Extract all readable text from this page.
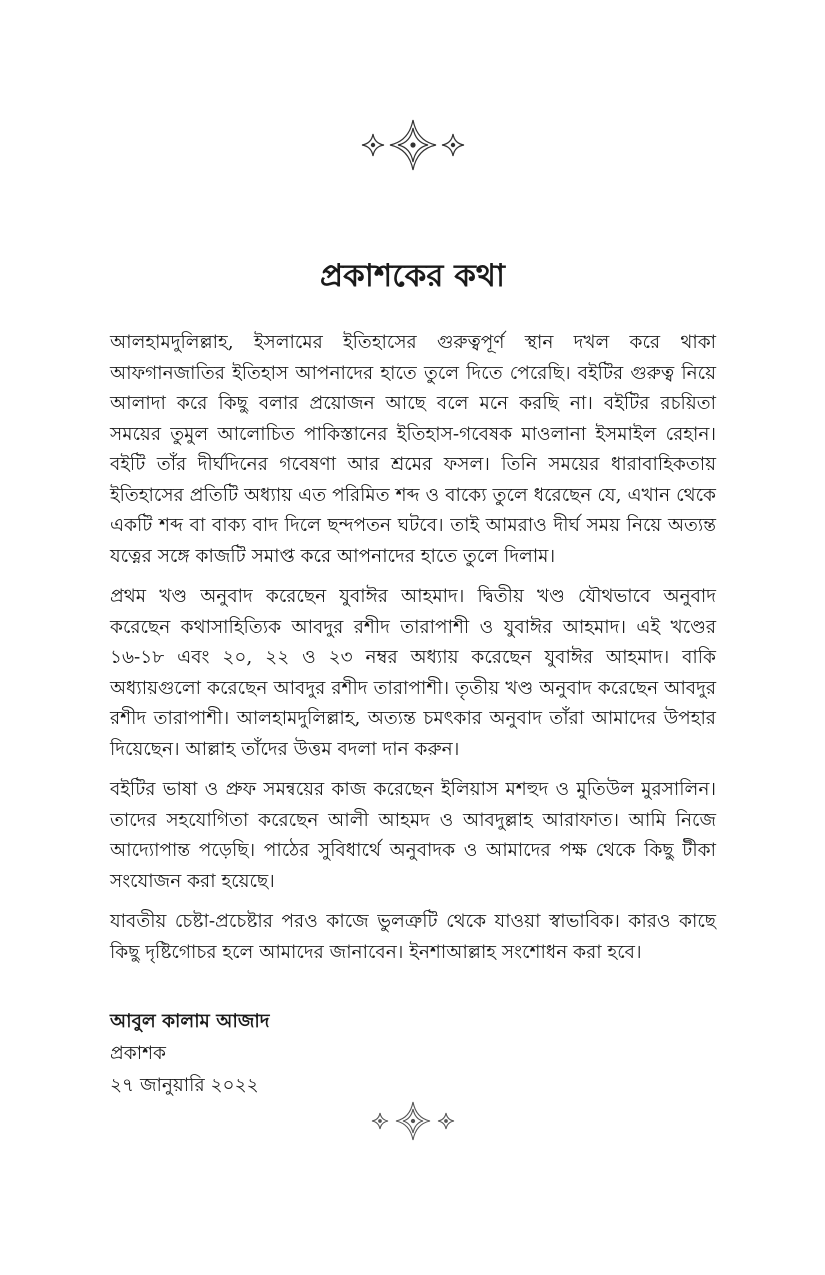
প্রকাশকের কথা

আলহামদুলিল্লাহ, ইসলামের ইতিহাসের গুরুত্বপূর্ণ স্থান দখল করে থাকা আফগানজাতির ইতিহাস আপনাদের হাতে তুলে দিতে পেরেছি। বইটির গুরুত্ব নিয়ে আলাদা করে কিছু বলার প্রয়োজন আছে বলে মনে করছি না। বইটির রচয়িতা সময়ের তুমুল আলোচিত পাকিস্তানের ইতিহাস-গবেষক মাওলানা ইসমাইল রেহান। বইটি তাঁর দীর্ঘদিনের গবেষণা আর শ্রমের ফসল। তিনি সময়ের ধারাবাহিকতায় ইতিহাসের প্রতিটি অধ্যায় এত পরিমিত শব্দ ও বাক্যে তুলে ধরেছেন যে, এখান থেকে একটি শব্দ বা বাক্য বাদ দিলে ছন্দপতন ঘটবে। তাই আমরাও দীর্ঘ সময় নিয়ে অত্যন্ত যত্নের সঙ্গে কাজটি সমাপ্ত করে আপনাদের হাতে তুলে দিলাম।

প্রথম খণ্ড অনুবাদ করেছেন যুবাঈর আহমাদ। দ্বিতীয় খণ্ড যৌথভাবে অনুবাদ করেছেন কথাসাহিত্যিক আবদুর রশীদ তারাপাশী ও যুবাঈর আহমাদ। এই খণ্ডের ১৬-১৮ এবং ২০, ২২ ও ২৩ নম্বর অধ্যায় করেছেন যুবাঈর আহমাদ। বাকি অধ্যায়গুলো করেছেন আবদুর রশীদ তারাপাশী। তৃতীয় খণ্ড অনুবাদ করেছেন আবদুর রশীদ তারাপাশী। আলহামদুলিল্লাহ, অত্যন্ত চমৎকার অনুবাদ তাঁরা আমাদের উপহার দিয়েছেন। আল্লাহ তাঁদের উত্তম বদলা দান করুন।

বইটির ভাষা ও প্রুফ সমন্বয়ের কাজ করেছেন ইলিয়াস মশহুদ ও মুতিউল মুরসালিন। তাদের সহযোগিতা করেছেন আলী আহমদ ও আবদুল্লাহ আরাফাত। আমি নিজে আদ্যোপান্ত পড়েছি। পাঠের সুবিধার্থে অনুবাদক ও আমাদের পক্ষ থেকে কিছু টীকা সংযোজন করা হয়েছে।

যাবতীয় চেষ্টা-প্রচেষ্টার পরও কাজে ভুলত্রুটি থেকে যাওয়া স্বাভাবিক। কারও কাছে কিছু দৃষ্টিগোচর হলে আমাদের জানাবেন। ইনশাআল্লাহ সংশোধন করা হবে।

আবুল কালাম আজাদ
প্রকাশক
২৭ জানুয়ারি ২০২২
